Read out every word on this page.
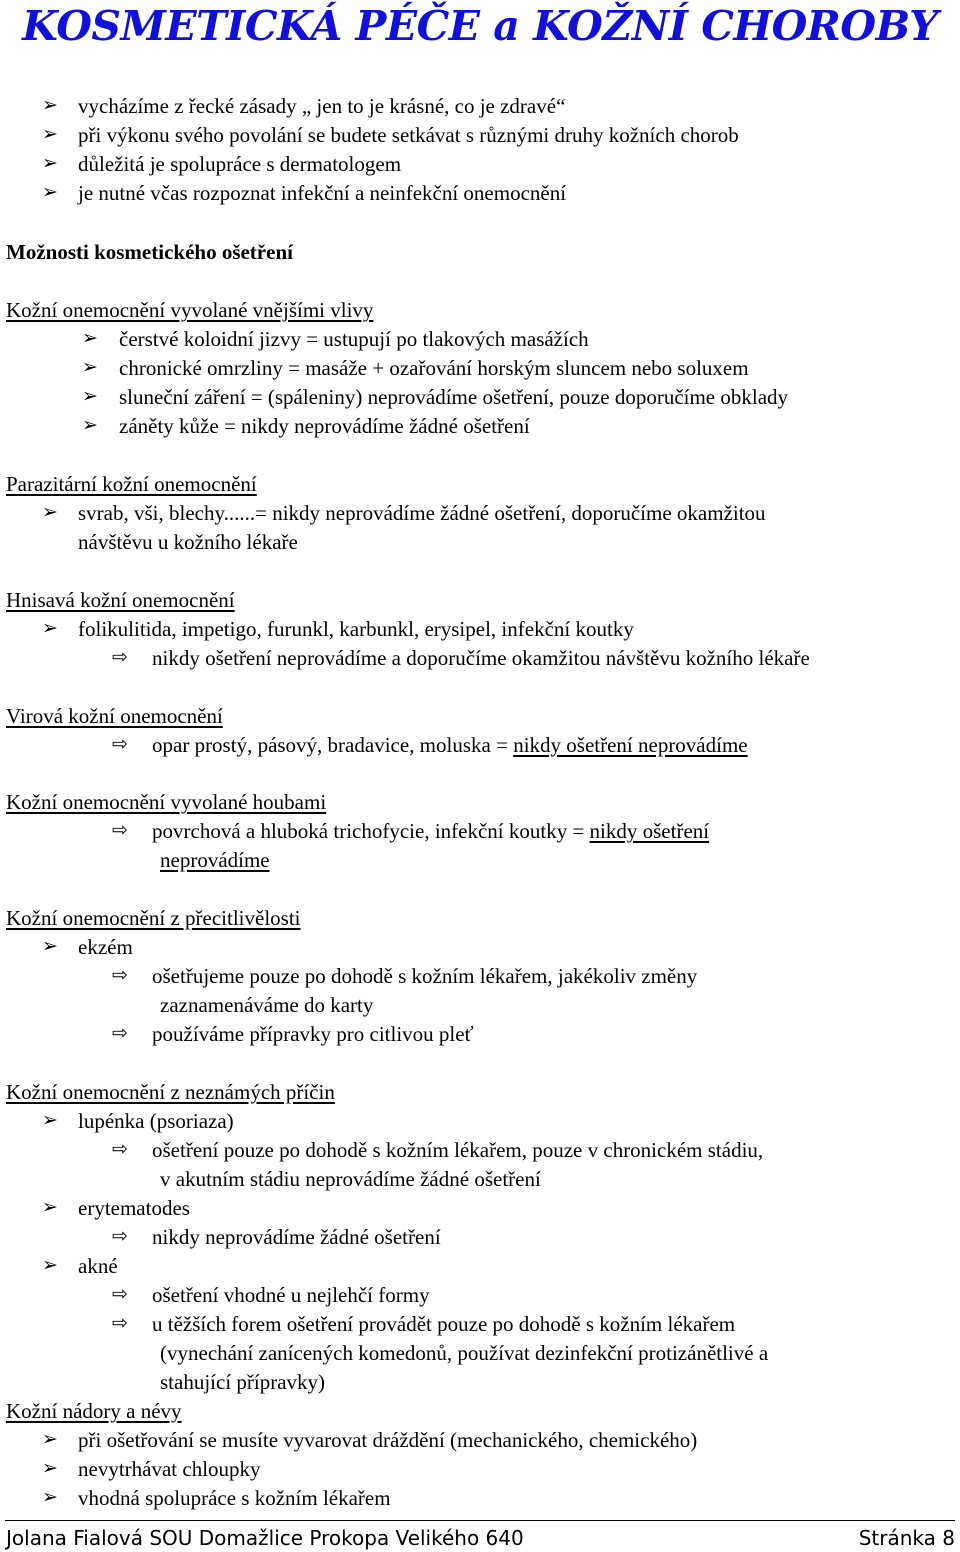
KOSMETICKÁ PÉČE a KOŽNÍ CHOROBY
➢ vycházíme z řecké zásady „ jen to je krásné, co je zdravé“
➢ při výkonu svého povolání se budete setkávat s různými druhy kožních chorob
➢ důležitá je spolupráce s dermatologem
➢ je nutné včas rozpoznat infekční a neinfekční onemocnění
Možnosti kosmetického ošetření
Kožní onemocnění vyvolané vnějšími vlivy
➢ čerstvé koloidní jizvy = ustupují po tlakových masážích
➢ chronické omrzliny = masáže + ozařování horským sluncem nebo soluxem
➢ sluneční záření = (spáleniny) neprovádíme ošetření, pouze doporučíme obklady
➢ záněty kůže = nikdy neprovádíme žádné ošetření
Parazitární kožní onemocnění
➢ svrab, vši, blechy......= nikdy neprovádíme žádné ošetření, doporučíme okamžitou
návštěvu u kožního lékaře
Hnisavá kožní onemocnění
➢ folikulitida, impetigo, furunkl, karbunkl, erysipel, infekční koutky
⇨ nikdy ošetření neprovádíme a doporučíme okamžitou návštěvu kožního lékaře
Virová kožní onemocnění
⇨ opar prostý, pásový, bradavice, moluska = nikdy ošetření neprovádíme
Kožní onemocnění vyvolané houbami
⇨ povrchová a hluboká trichofycie, infekční koutky = nikdy ošetření
neprovádíme
Kožní onemocnění z přecitlivělosti
➢ ekzém
⇨ ošetřujeme pouze po dohodě s kožním lékařem, jakékoliv změny
zaznamenáváme do karty
⇨ používáme přípravky pro citlivou pleť
Kožní onemocnění z neznámých příčin
➢ lupénka (psoriaza)
⇨ ošetření pouze po dohodě s kožním lékařem, pouze v chronickém stádiu,
v akutním stádiu neprovádíme žádné ošetření
➢ erytematodes
⇨ nikdy neprovádíme žádné ošetření
➢ akné
⇨ ošetření vhodné u nejlehčí formy
⇨ u těžších forem ošetření provádět pouze po dohodě s kožním lékařem
(vynechání zanícených komedonů, používat dezinfekční protizánětlivé a
stahující přípravky)
Kožní nádory a névy
➢ při ošetřování se musíte vyvarovat dráždění (mechanického, chemického)
➢ nevytrhávat chloupky
➢ vhodná spolupráce s kožním lékařem
Jolana Fialová SOU Domažlice Prokopa Velikého 640	Stránka 8
